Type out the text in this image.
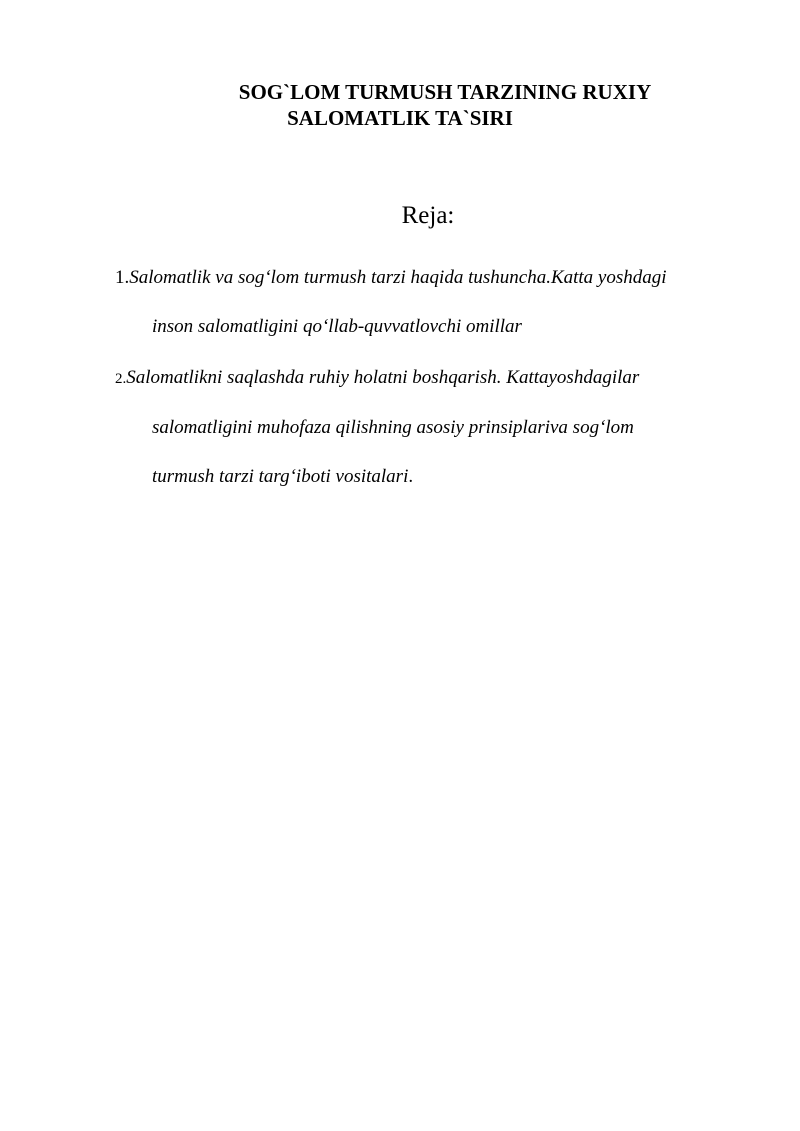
SOG`LOM TURMUSH TARZINING RUXIY
SALOMATLIK TA`SIRI
Reja:
1.Salomatlik va sog‘lom turmush tarzi haqida tushuncha.Katta yoshdagi
inson salomatligini qo‘llab-quvvatlovchi omillar
2.Salomatlikni saqlashda ruhiy holatni boshqarish. Kattayoshdagilar
salomatligini muhofaza qilishning asosiy prinsiplariva sog‘lom
turmush tarzi targ‘iboti vositalari.
